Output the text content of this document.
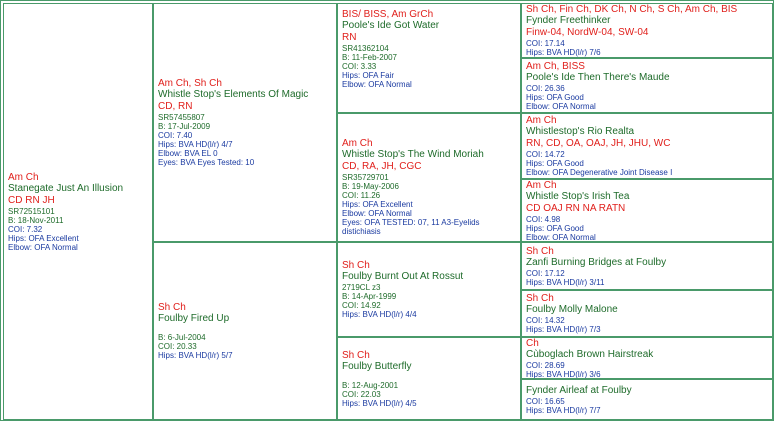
Am Ch
Stanegate Just An Illusion
CD RN JH
SR72515101
B: 18-Nov-2011
COI: 7.32
Hips: OFA Excellent
Elbow: OFA Normal
Am Ch, Sh Ch
Whistle Stop's Elements Of Magic
CD, RN
SR57455807
B: 17-Jul-2009
COI: 7.40
Hips: BVA HD(l/r) 4/7
Elbow: BVA EL 0
Eyes: BVA Eyes Tested: 10
Sh Ch
Foulby Fired Up
B: 6-Jul-2004
COI: 20.33
Hips: BVA HD(l/r) 5/7
BIS/ BISS, Am GrCh
Poole's Ide Got Water
RN
SR41362104
B: 11-Feb-2007
COI: 3.33
Hips: OFA Fair
Elbow: OFA Normal
Am Ch
Whistle Stop's The Wind Moriah
CD, RA, JH, CGC
SR35729701
B: 19-May-2006
COI: 11.26
Hips: OFA Excellent
Elbow: OFA Normal
Eyes: OFA TESTED: 07, 11 A3-Eyelids distichiasis
Sh Ch
Foulby Burnt Out At Rossut
2719CL z3
B: 14-Apr-1999
COI: 14.92
Hips: BVA HD(l/r) 4/4
Sh Ch
Foulby Butterfly
B: 12-Aug-2001
COI: 22.03
Hips: BVA HD(l/r) 4/5
Sh Ch, Fin Ch, DK Ch, N Ch, S Ch, Am Ch, BIS
Fynder Freethinker
Finw-04, NordW-04, SW-04
COI: 17.14
Hips: BVA HD(l/r) 7/6
Am Ch, BISS
Poole's Ide Then There's Maude
COI: 26.36
Hips: OFA Good
Elbow: OFA Normal
Am Ch
Whistlestop's Rio Realta
RN, CD, OA, OAJ, JH, JHU, WC
COI: 14.72
Hips: OFA Good
Elbow: OFA Degenerative Joint Disease I
Am Ch
Whistle Stop's Irish Tea
CD OAJ RN NA RATN
COI: 4.98
Hips: OFA Good
Elbow: OFA Normal
Sh Ch
Zanfi Burning Bridges at Foulby
COI: 17.12
Hips: BVA HD(l/r) 3/11
Sh Ch
Foulby Molly Malone
COI: 14.32
Hips: BVA HD(l/r) 7/3
Ch
Cùboglach Brown Hairstreak
COI: 28.69
Hips: BVA HD(l/r) 3/6
Fynder Airleaf at Foulby
COI: 16.65
Hips: BVA HD(l/r) 7/7
